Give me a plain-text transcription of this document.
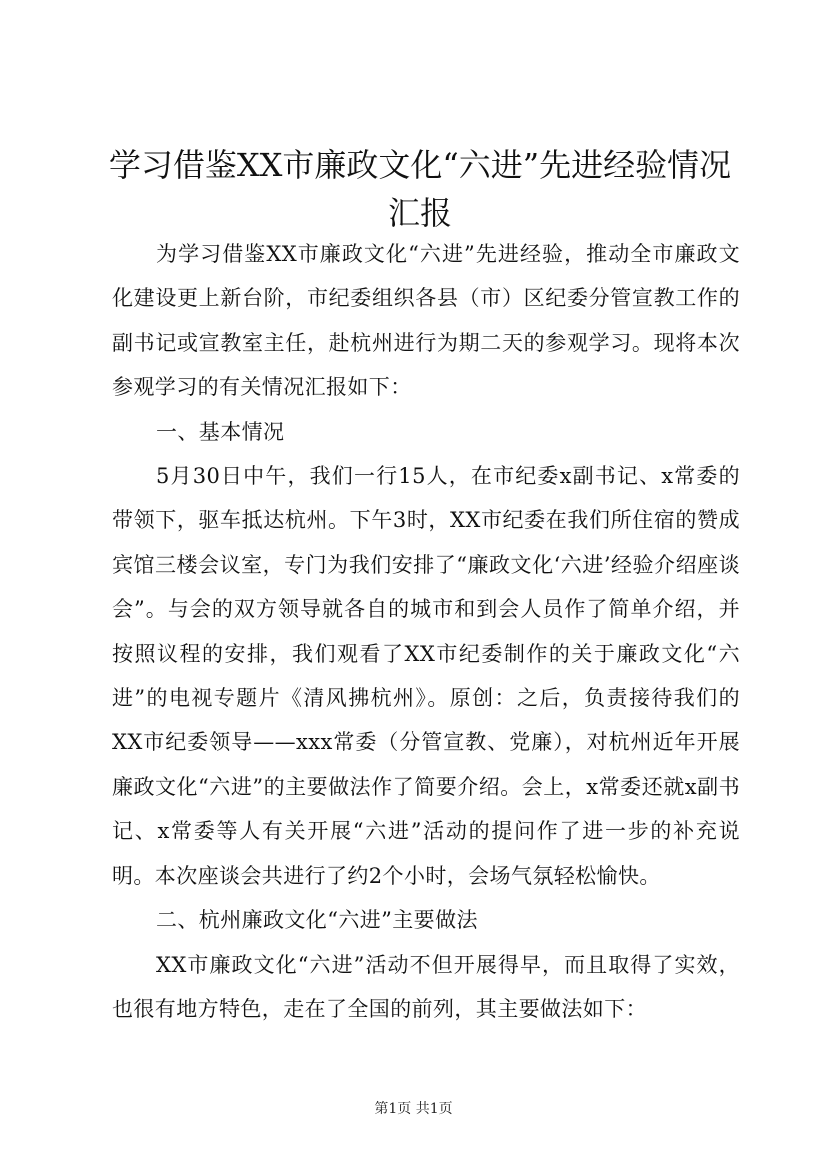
学习借鉴XX市廉政文化“六进”先进经验情况汇报

为学习借鉴XX市廉政文化“六进”先进经验，推动全市廉政文化建设更上新台阶，市纪委组织各县（市）区纪委分管宣教工作的副书记或宣教室主任，赴杭州进行为期二天的参观学习。现将本次参观学习的有关情况汇报如下：

一、基本情况

5月30日中午，我们一行15人，在市纪委x副书记、x常委的带领下，驱车抵达杭州。下午3时，XX市纪委在我们所住宿的赞成宾馆三楼会议室，专门为我们安排了“廉政文化‘六进’经验介绍座谈会”。与会的双方领导就各自的城市和到会人员作了简单介绍，并按照议程的安排，我们观看了XX市纪委制作的关于廉政文化“六进”的电视专题片《清风拂杭州》。原创：之后，负责接待我们的XX市纪委领导——xxx常委（分管宣教、党廉），对杭州近年开展廉政文化“六进”的主要做法作了简要介绍。会上，x常委还就x副书记、x常委等人有关开展“六进”活动的提问作了进一步的补充说明。本次座谈会共进行了约2个小时，会场气氛轻松愉快。

二、杭州廉政文化“六进”主要做法

XX市廉政文化“六进”活动不但开展得早，而且取得了实效，也很有地方特色，走在了全国的前列，其主要做法如下：

第1页 共1页
